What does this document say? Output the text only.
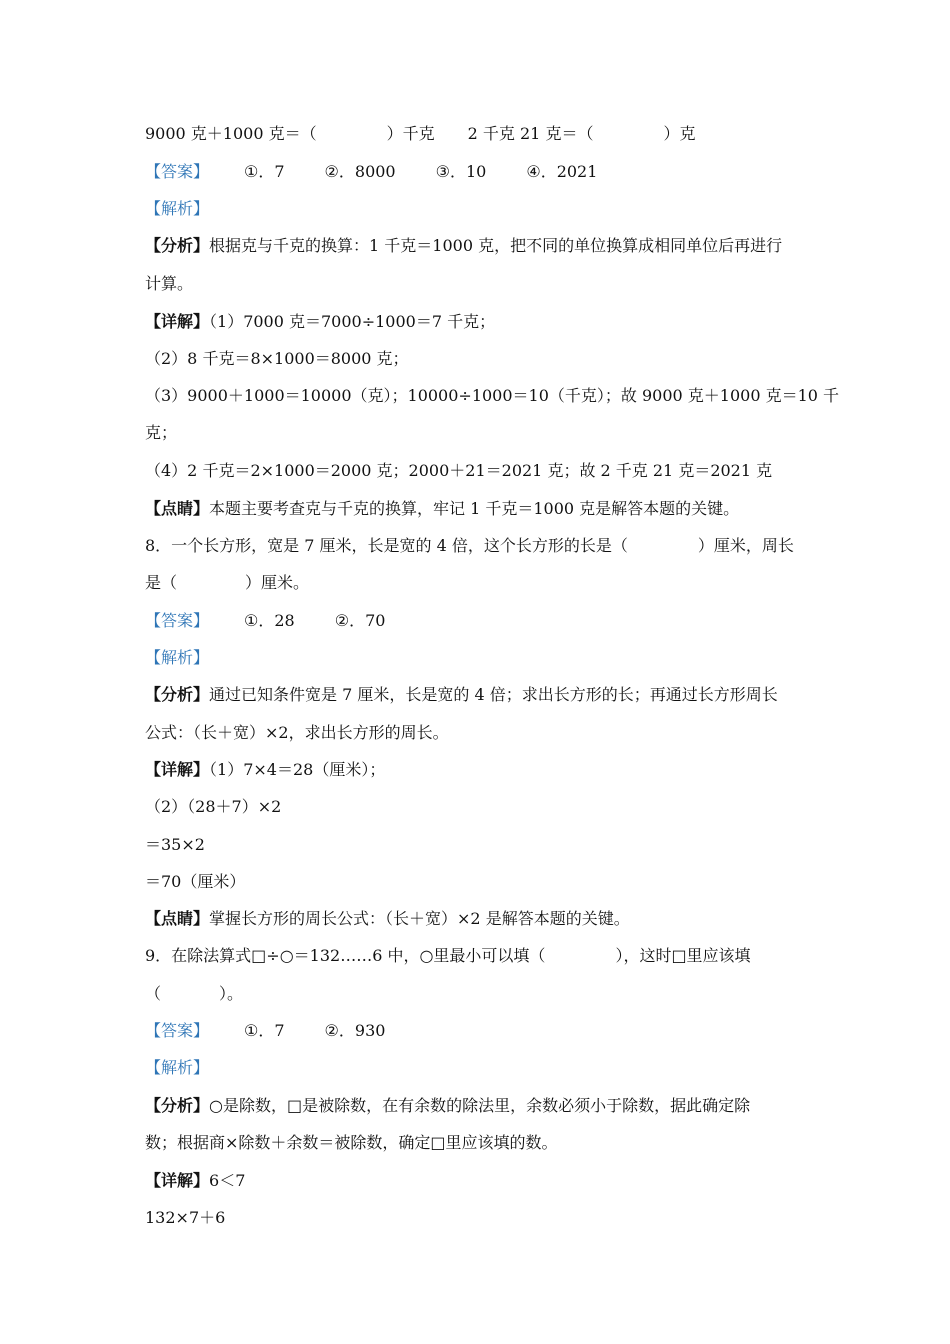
9000 克＋1000 克＝（	）千克 2 千克 21 克＝（	）克
【答案】 ①．7	②．8000	③．10	④．2021
【解析】
【分析】根据克与千克的换算：1 千克＝1000 克，把不同的单位换算成相同单位后再进行
计算。
【详解】（1）7000 克＝7000÷1000＝7 千克；
（2）8 千克＝8×1000＝8000 克；
（3）9000＋1000＝10000（克）；10000÷1000＝10（千克）；故 9000 克＋1000 克＝10 千
克；
（4）2 千克＝2×1000＝2000 克；2000＋21＝2021 克；故 2 千克 21 克＝2021 克
【点睛】本题主要考查克与千克的换算，牢记 1 千克＝1000 克是解答本题的关键。
8．一个长方形，宽是 7 厘米，长是宽的 4 倍，这个长方形的长是（	）厘米，周长
是（	）厘米。
【答案】 ①．28	②．70
【解析】
【分析】通过已知条件宽是 7 厘米，长是宽的 4 倍；求出长方形的长；再通过长方形周长
公式：（长＋宽）×2，求出长方形的周长。
【详解】（1）7×4＝28（厘米）；
（2）（28＋7）×2
＝35×2
＝70（厘米）
【点睛】掌握长方形的周长公式：（长＋宽）×2 是解答本题的关键。
9．在除法算式□÷○＝132……6 中，○里最小可以填（	），这时□里应该填
（	）。
【答案】 ①．7	②．930
【解析】
【分析】○是除数，□是被除数，在有余数的除法里，余数必须小于除数，据此确定除
数；根据商×除数＋余数＝被除数，确定□里应该填的数。
【详解】6＜7
132×7＋6
